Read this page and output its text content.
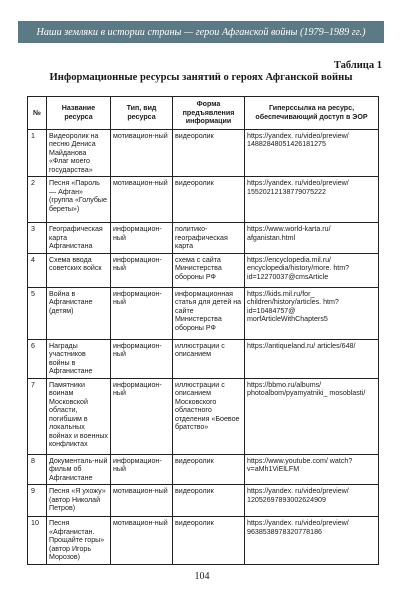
Наши земляки в истории страны — герои Афганской войны (1979–1989 гг.)
Таблица 1
Информационные ресурсы занятий о героях Афганской войны
№	Название ресурса	Тип, вид ресурса	Форма предъявления информации	Гиперссылка на ресурс, обеспечивающий доступ в ЭОР
1	Видеоролик на песню Дениса Майданова «Флаг моего государства»	мотивацион-ный	видеоролик	https://yandex. ru/video/preview/ 14882848051426181275
2	Песня «Пароль — Афган» (группа «Голубые береты»)	мотивацион-ный	видеоролик	https://yandex. ru/video/preview/ 15520212138779075222
3	Географическая карта Афганистана	информацион-ный	политико-географическая карта	https://www.world-karta.ru/ afganistan.html
4	Схема ввода советских войск	информацион-ный	схема с сайта Министерства обороны РФ	https://encyclopedia.mil.ru/ encyclopedia/history/more. htm?id=12270037@cmsArticle
5	Война в Афганистане (детям)	информацион-ный	информационная статья для детей на сайте Министерства обороны РФ	https://kids.mil.ru/for_ children/history/articles. htm?id=10484757@ morfArticleWithChapters5
6	Награды участников войны в Афганистане	информацион-ный	иллюстрации с описанием	https://antiqueland.ru/ articles/648/
7	Памятники воинам Московской области, погибшим в локальных войнах и военных конфликтах	информацион-ный	иллюстрации с описанием Московского областного отделения «Боевое братство»	https://bbmo.ru/albums/ photoalbom/pyamyatniki_ mosoblasti/
8	Документаль-ный фильм об Афганистане	информацион-ный	видеоролик	https://www.youtube.com/ watch?v=aMh1ViElLFM
9	Песня «Я ухожу» (автор Николай Петров)	мотивацион-ный	видеоролик	https://yandex. ru/video/preview/ 12052697893002624909
10	Песня «Афганистан. Прощайте горы» (автор Игорь Морозов)	мотивацион-ный	видеоролик	https://yandex. ru/video/preview/ 9638538978320778186
104
